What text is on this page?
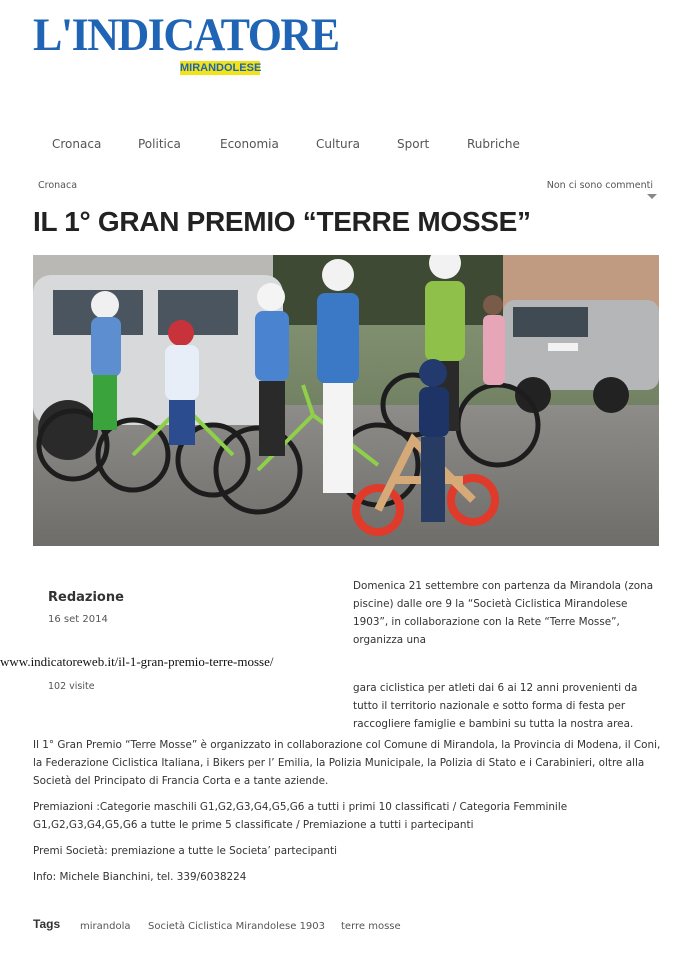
L'INDICATORE
MIRANDOLESE
Cronaca	Politica	Economia	Cultura	Sport	Rubriche
Cronaca	Non ci sono commenti
IL 1° GRAN PREMIO “TERRE MOSSE”
Redazione
16 set 2014
www.indicatoreweb.it/il-1-gran-premio-terre-mosse/
102 visite
Domenica 21 settembre con partenza da Mirandola (zona piscine) dalle ore 9 la “Società Ciclistica Mirandolese 1903”, in collaborazione con la Rete “Terre Mosse”, organizza una
gara ciclistica per atleti dai 6 ai 12 anni provenienti da tutto il territorio nazionale e sotto forma di festa per raccogliere famiglie e bambini su tutta la nostra area.

Il 1° Gran Premio “Terre Mosse” è organizzato in collaborazione col Comune di Mirandola, la Provincia di Modena, il Coni, la Federazione Ciclistica Italiana, i Bikers per l’ Emilia, la Polizia Municipale, la Polizia di Stato e i Carabinieri, oltre alla Società del Principato di Francia Corta e a tante aziende.

Premiazioni :Categorie maschili G1,G2,G3,G4,G5,G6 a tutti i primi 10 classificati / Categoria Femminile G1,G2,G3,G4,G5,G6 a tutte le prime 5 classificate / Premiazione a tutti i partecipanti

Premi Società: premiazione a tutte le Societa’ partecipanti

Info: Michele Bianchini, tel. 339/6038224

Tags mirandola Società Ciclistica Mirandolese 1903 terre mosse
